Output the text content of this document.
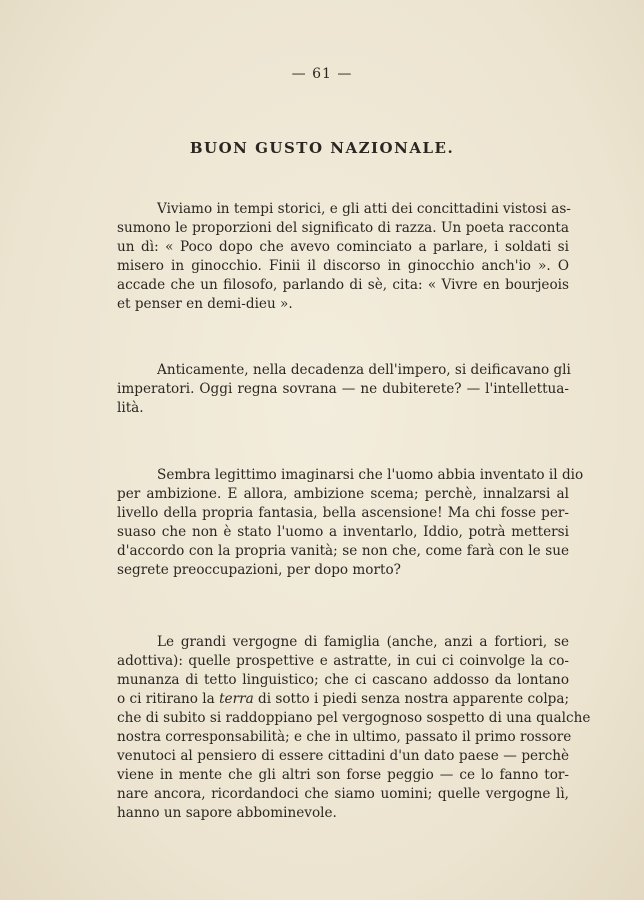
— 61 —
BUON GUSTO NAZIONALE.

Viviamo in tempi storici, e gli atti dei concittadini vistosi as-
sumono le proporzioni del significato di razza. Un poeta racconta
un dì: « Poco dopo che avevo cominciato a parlare, i soldati si
misero in ginocchio. Finii il discorso in ginocchio anch'io ». O
accade che un filosofo, parlando di sè, cita: « Vivre en bourjeois
et penser en demi-dieu ».

Anticamente, nella decadenza dell'impero, si deificavano gli
imperatori. Oggi regna sovrana — ne dubiterete? — l'intellettua-
lità.

Sembra legittimo imaginarsi che l'uomo abbia inventato il dio
per ambizione. E allora, ambizione scema; perchè, innalzarsi al
livello della propria fantasia, bella ascensione! Ma chi fosse per-
suaso che non è stato l'uomo a inventarlo, Iddio, potrà mettersi
d'accordo con la propria vanità; se non che, come farà con le sue
segrete preoccupazioni, per dopo morto?

Le grandi vergogne di famiglia (anche, anzi a fortiori, se
adottiva): quelle prospettive e astratte, in cui ci coinvolge la co-
munanza di tetto linguistico; che ci cascano addosso da lontano
o ci ritirano la terra di sotto i piedi senza nostra apparente colpa;
che di subito si raddoppiano pel vergognoso sospetto di una qualche
nostra corresponsabilità; e che in ultimo, passato il primo rossore
venutoci al pensiero di essere cittadini d'un dato paese — perchè
viene in mente che gli altri son forse peggio — ce lo fanno tor-
nare ancora, ricordandoci che siamo uomini; quelle vergogne lì,
hanno un sapore abbominevole.
